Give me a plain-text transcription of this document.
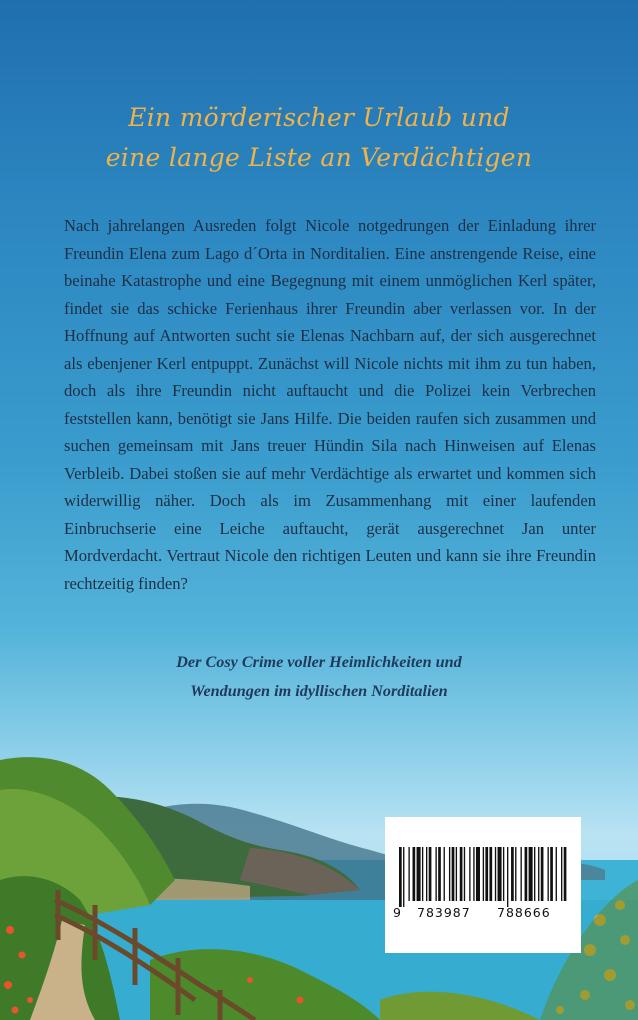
Ein mörderischer Urlaub und
eine lange Liste an Verdächtigen
Nach jahrelangen Ausreden folgt Nicole notgedrungen der Einladung ihrer Freundin Elena zum Lago d´Orta in Norditalien. Eine anstrengende Reise, eine beinahe Katastrophe und eine Begegnung mit einem unmöglichen Kerl später, findet sie das schicke Ferienhaus ihrer Freundin aber verlassen vor. In der Hoffnung auf Antworten sucht sie Elenas Nachbarn auf, der sich ausgerechnet als ebenjener Kerl entpuppt. Zunächst will Nicole nichts mit ihm zu tun haben, doch als ihre Freundin nicht auftaucht und die Polizei kein Verbrechen feststellen kann, benötigt sie Jans Hilfe. Die beiden raufen sich zusammen und suchen gemeinsam mit Jans treuer Hündin Sila nach Hinweisen auf Elenas Verbleib. Dabei stoßen sie auf mehr Verdächtige als erwartet und kommen sich widerwillig näher. Doch als im Zusammenhang mit einer laufenden Einbruchserie eine Leiche auftaucht, gerät ausgerechnet Jan unter Mordverdacht. Vertraut Nicole den richtigen Leuten und kann sie ihre Freundin rechtzeitig finden?
Der Cosy Crime voller Heimlichkeiten und
Wendungen im idyllischen Norditalien
9 783987 788666
